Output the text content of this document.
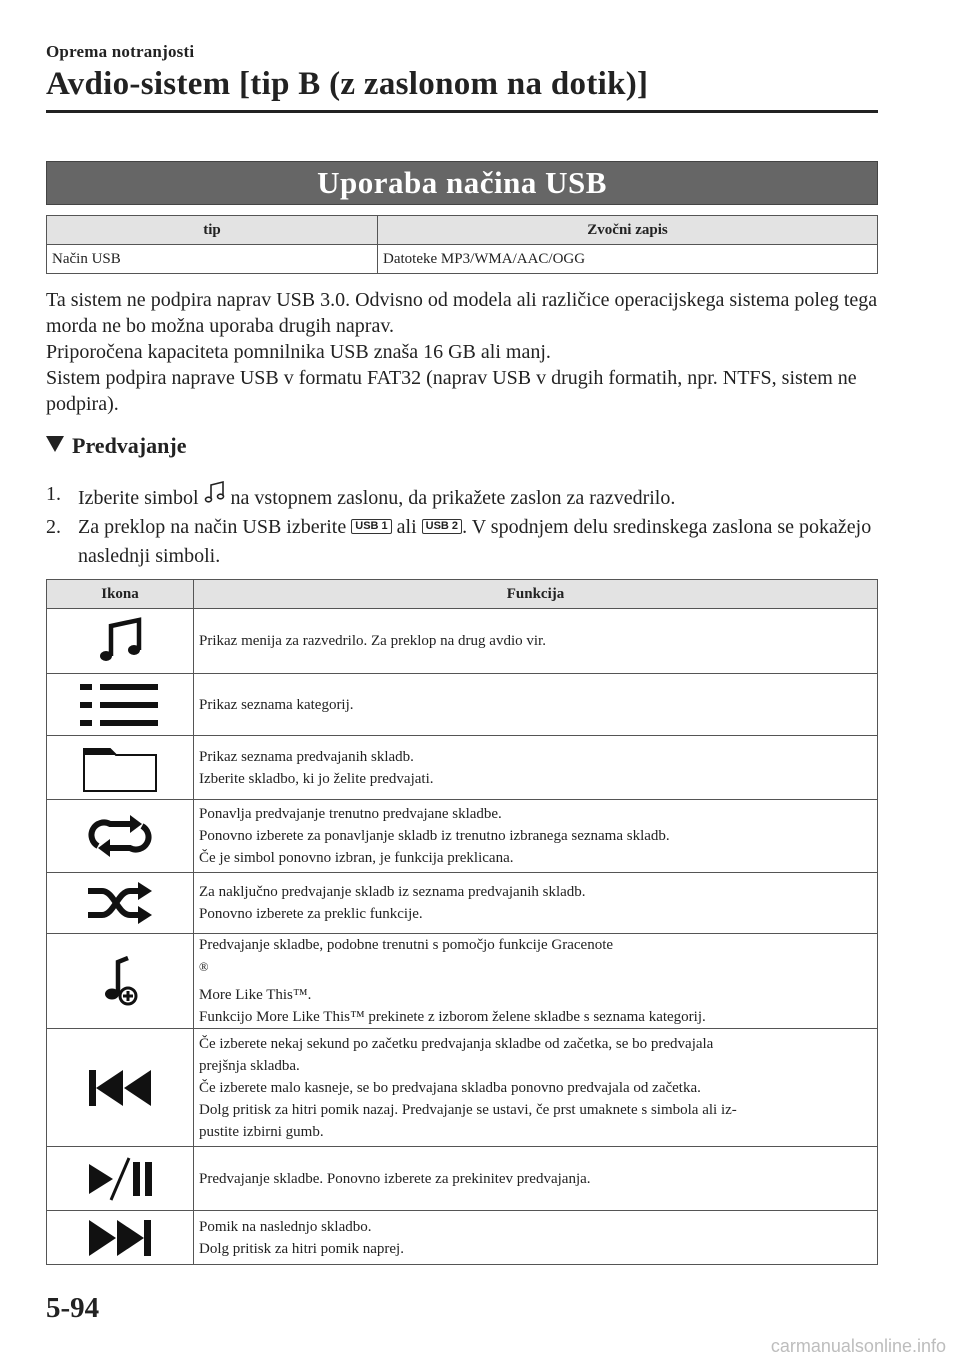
Oprema notranjosti
Avdio-sistem [tip B (z zaslonom na dotik)]
Uporaba načina USB
tip	Zvočni zapis
Način USB	Datoteke MP3/WMA/AAC/OGG

Ta sistem ne podpira naprav USB 3.0. Odvisno od modela ali različice operacijskega sistema poleg tega morda ne bo možna uporaba drugih naprav.

Priporočena kapaciteta pomnilnika USB znaša 16 GB ali manj.

Sistem podpira naprave USB v formatu FAT32 (naprav USB v drugih formatih, npr. NTFS, sistem ne podpira).

Predvajanje
1. Izberite simbol na vstopnem zaslonu, da prikažete zaslon za razvedrilo.
2. Za preklop na način USB izberite USB 1 ali USB 2 . V spodnjem delu sredinskega zaslona se pokažejo naslednji simboli.
Ikona	Funkcija

Prikaz menija za razvedrilo. Za preklop na drug avdio vir.

Prikaz seznama kategorij.

Prikaz seznama predvajanih skladb.
Izberite skladbo, ki jo želite predvajati.

Ponavlja predvajanje trenutno predvajane skladbe.
Ponovno izberete za ponavljanje skladb iz trenutno izbranega seznama skladb.
Če je simbol ponovno izbran, je funkcija preklicana.

Za naključno predvajanje skladb iz seznama predvajanih skladb.
Ponovno izberete za preklic funkcije.

Predvajanje skladbe, podobne trenutni s pomočjo funkcije Gracenote
®
More Like This™.
Funkcijo More Like This™ prekinete z izborom želene skladbe s seznama kategorij.

Če izberete nekaj sekund po začetku predvajanja skladbe od začetka, se bo predvajala
prejšnja skladba.
Če izberete malo kasneje, se bo predvajana skladba ponovno predvajala od začetka.
Dolg pritisk za hitri pomik nazaj. Predvajanje se ustavi, če prst umaknete s simbola ali iz-
pustite izbirni gumb.

Predvajanje skladbe. Ponovno izberete za prekinitev predvajanja.

Pomik na naslednjo skladbo.
Dolg pritisk za hitri pomik naprej.
5-94
carmanualsonline.info
